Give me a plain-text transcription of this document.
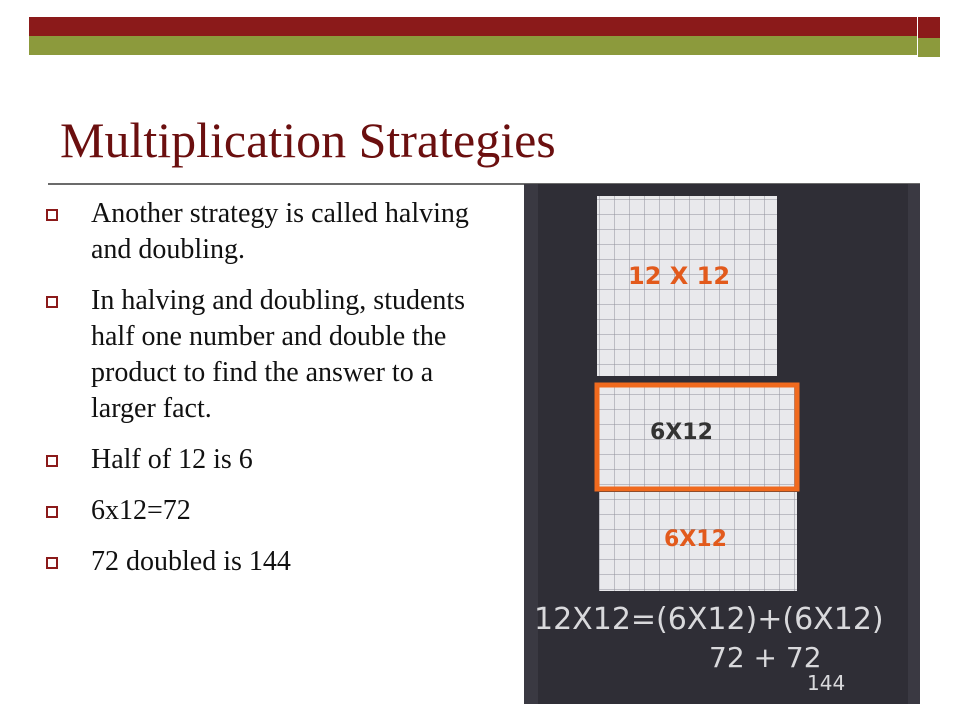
Multiplication Strategies
Another strategy is called halving and doubling.
In halving and doubling, students half one number and double the product to find the answer to a larger fact.
Half of 12 is 6
6x12=72
72 doubled is 144
12 X 12
6X12
6X12
12X12=(6X12)+(6X12)
72 + 72
144
